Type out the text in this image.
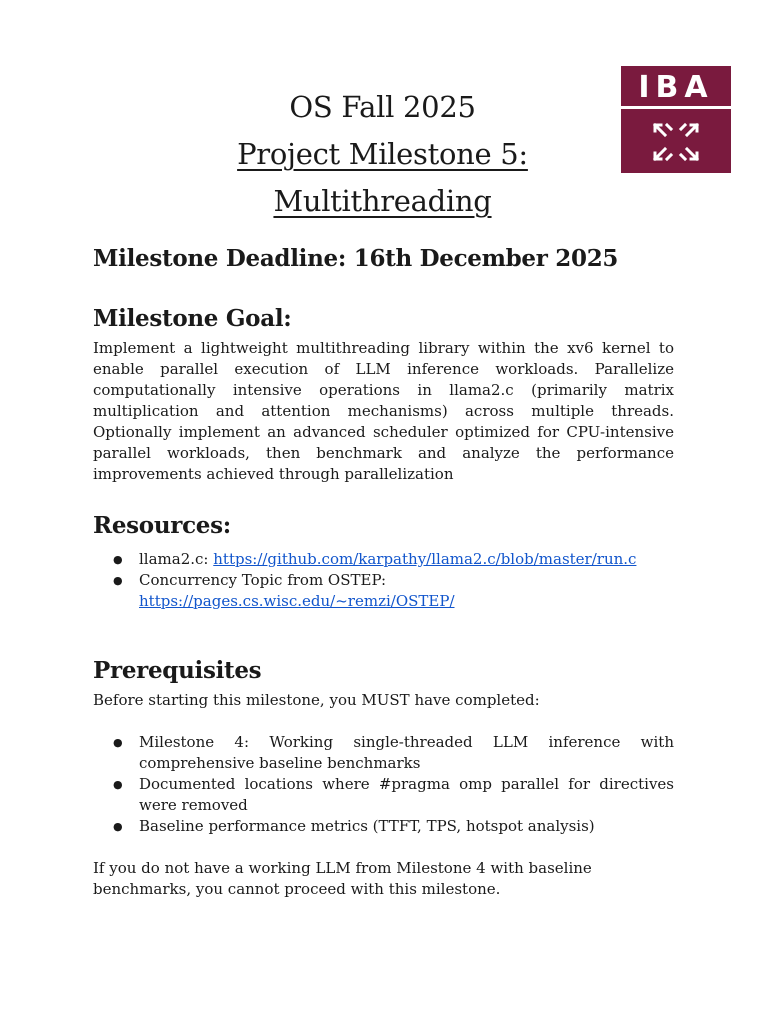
IBA

OS Fall 2025

Project Milestone 5:

Multithreading

Milestone Deadline: 16th December 2025
Milestone Goal:

Implement a lightweight multithreading library within the xv6 kernel to enable parallel execution of LLM inference workloads. Parallelize computationally intensive operations in llama2.c (primarily matrix multiplication and attention mechanisms) across multiple threads. Optionally implement an advanced scheduler optimized for CPU-intensive parallel workloads, then benchmark and analyze the performance improvements achieved through parallelization

Resources:
● llama2.c: https://github.com/karpathy/llama2.c/blob/master/run.c
● Concurrency Topic from OSTEP:
https://pages.cs.wisc.edu/~remzi/OSTEP/
Prerequisites

Before starting this milestone, you MUST have completed:

● Milestone 4: Working single-threaded LLM inference with comprehensive baseline benchmarks
● Documented locations where #pragma omp parallel for directives were removed
● Baseline performance metrics (TTFT, TPS, hotspot analysis)

If you do not have a working LLM from Milestone 4 with baseline benchmarks, you cannot proceed with this milestone.
